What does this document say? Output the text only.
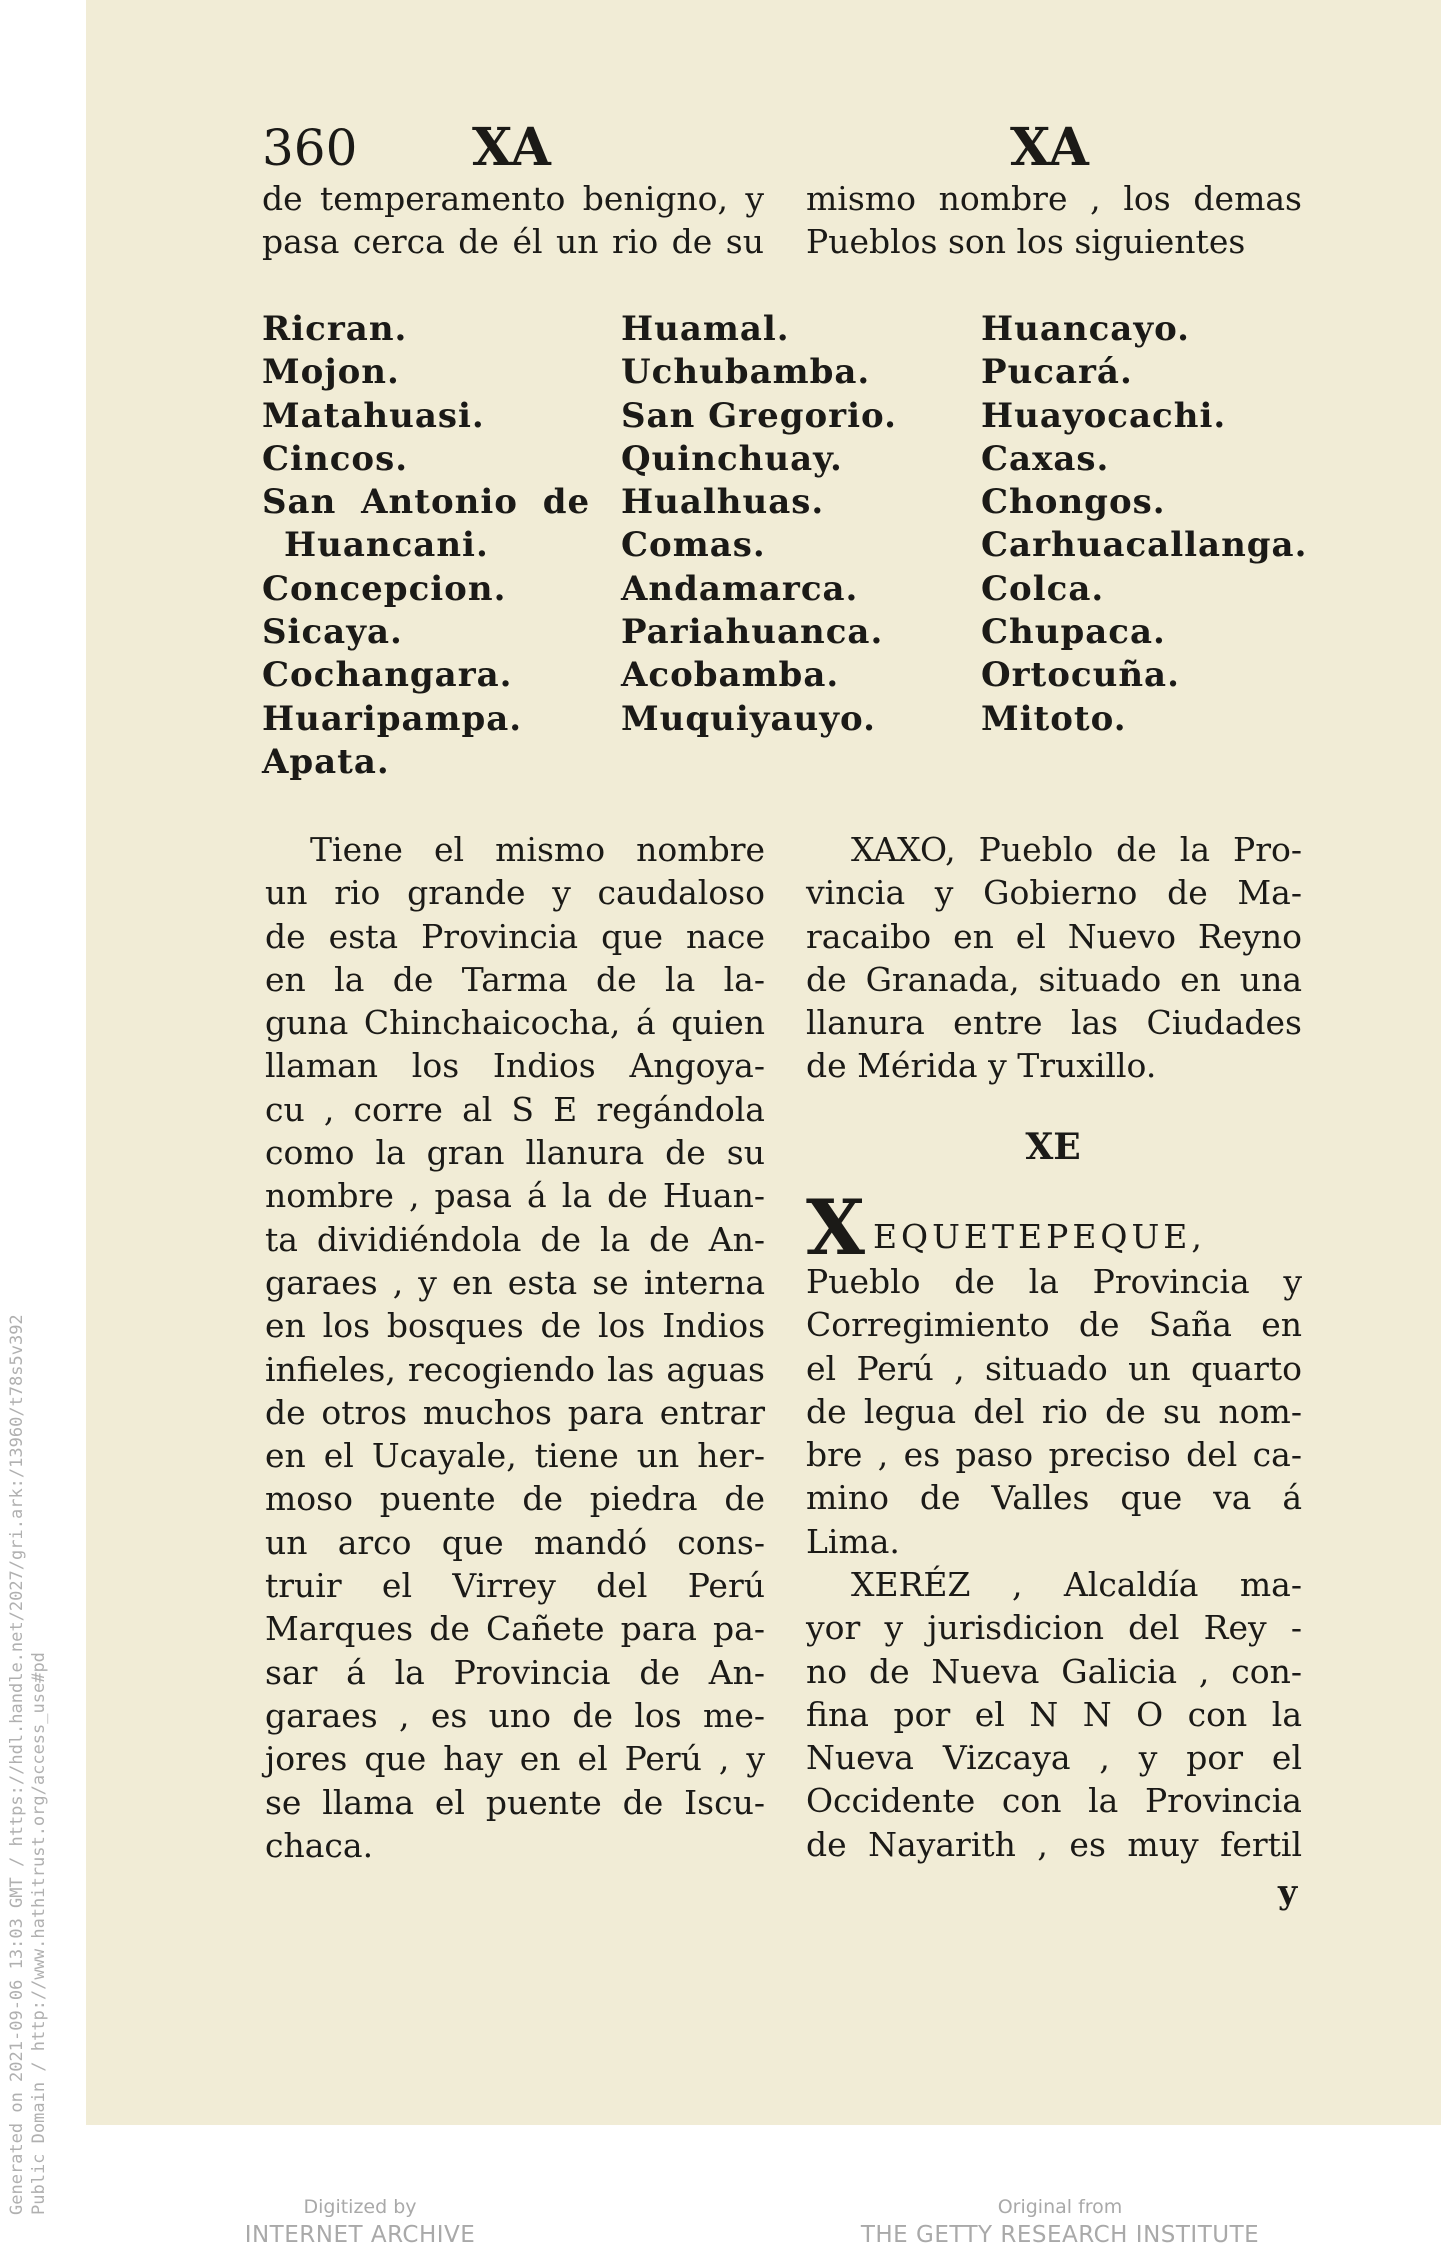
Generated on 2021-09-06 13:03 GMT / https://hdl.handle.net/2027/gri.ark:/13960/t78s5v392 Public Domain / http://www.hathitrust.org/access_use#pd
360 XA	XA
de temperamento benigno, y
pasa cerca de él un rio de su
mismo nombre , los demas
Pueblos son los siguientes
Ricran.
Mojon.
Matahuasi.
Cincos.
San Antonio de
Huancani.
Concepcion.
Sicaya.
Cochangara.
Huaripampa.
Apata.
Huamal.
Uchubamba.
San Gregorio.
Quinchuay.
Hualhuas.
Comas.
Andamarca.
Pariahuanca.
Acobamba.
Muquiyauyo.
Huancayo.
Pucará.
Huayocachi.
Caxas.
Chongos.
Carhuacallanga.
Colca.
Chupaca.
Ortocuña.
Mitoto.
Tiene el mismo nombre
un rio grande y caudaloso
de esta Provincia que nace
en la de Tarma de la la-
guna Chinchaicocha, á quien
llaman los Indios Angoya-
cu , corre al S E regándola
como la gran llanura de su
nombre , pasa á la de Huan-
ta dividiéndola de la de An-
garaes , y en esta se interna
en los bosques de los Indios
infieles, recogiendo las aguas
de otros muchos para entrar
en el Ucayale, tiene un her-
moso puente de piedra de
un arco que mandó cons-
truir el Virrey del Perú
Marques de Cañete para pa-
sar á la Provincia de An-
garaes , es uno de los me-
jores que hay en el Perú , y
se llama el puente de Iscu-
chaca.
XAXO, Pueblo de la Pro-
vincia y Gobierno de Ma-
racaibo en el Nuevo Reyno
de Granada, situado en una
llanura entre las Ciudades
de Mérida y Truxillo.
XE
XEQUETEPEQUE,
Pueblo de la Provincia y
Corregimiento de Saña en
el Perú , situado un quarto
de legua del rio de su nom-
bre , es paso preciso del ca-
mino de Valles que va á
Lima.
XERÉZ , Alcaldía ma-
yor y jurisdicion del Rey -
no de Nueva Galicia , con-
fina por el N N O con la
Nueva Vizcaya , y por el
Occidente con la Provincia
de Nayarith , es muy fertil
y
Digitized by
INTERNET ARCHIVE
Original from
THE GETTY RESEARCH INSTITUTE
